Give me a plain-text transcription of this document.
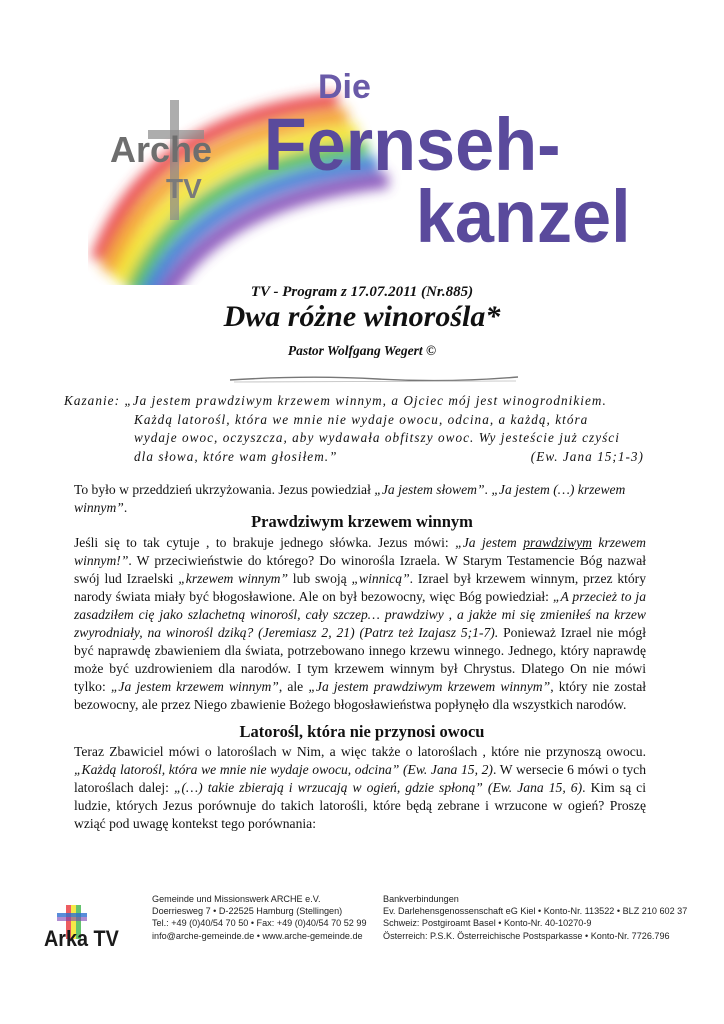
Arche
TV
Die
Fernseh-
kanzel
TV - Program z 17.07.2011 (Nr.885)
Dwa różne winorośla*
Pastor Wolfgang Wegert ©
Kazanie: „Ja jestem prawdziwym krzewem winnym, a Ojciec mój jest winogrodnikiem.
Każdą latorośl, która we mnie nie wydaje owocu, odcina, a każdą, która
wydaje owoc, oczyszcza, aby wydawała obfitszy owoc. Wy jesteście już czyści
dla słowa, które wam głosiłem.”	(Ew. Jana 15;1-3)
To było w przeddzień ukrzyżowania. Jezus powiedział „Ja jestem słowem”. „Ja jestem (…) krzewem winnym”.
Prawdziwym krzewem winnym
Jeśli się to tak cytuje , to brakuje jednego słówka. Jezus mówi: „Ja jestem prawdziwym krzewem winnym!”. W przeciwieństwie do którego? Do winorośla Izraela. W Starym Testamencie Bóg nazwał swój lud Izraelski „krzewem winnym” lub swoją „winnicą”. Izrael był krzewem winnym, przez który narody świata miały być błogosławione. Ale on był bezowocny, więc Bóg powiedział: „A przecież to ja zasadziłem cię jako szlachetną winorośl, cały szczep… prawdziwy , a jakże mi się zmieniłeś na krzew zwyrodniały, na winorośl dziką? (Jeremiasz 2, 21) (Patrz też Izajasz 5;1-7). Ponieważ Izrael nie mógł być naprawdę zbawieniem dla świata, potrzebowano innego krzewu winnego. Jednego, który naprawdę może być uzdrowieniem dla narodów. I tym krzewem winnym był Chrystus. Dlatego On nie mówi tylko: „Ja jestem krzewem winnym”, ale „Ja jestem prawdziwym krzewem winnym”, który nie został bezowocny, ale przez Niego zbawienie Bożego błogosławieństwa popłynęło dla wszystkich narodów.
Latorośl, która nie przynosi owocu
Teraz Zbawiciel mówi o latoroślach w Nim, a więc także o latoroślach , które nie przynoszą owocu. „Każdą latorośl, która we mnie nie wydaje owocu, odcina” (Ew. Jana 15, 2). W wersecie 6 mówi o tych latoroślach dalej: „(…) takie zbierają i wrzucają w ogień, gdzie spłoną” (Ew. Jana 15, 6). Kim są ci ludzie, których Jezus porównuje do takich latorośli, które będą zebrane i wrzucone w ogień? Proszę wziąć pod uwagę kontekst tego porównania:
Arka TV
Gemeinde und Missionswerk ARCHE e.V.
Doerriesweg 7 • D-22525 Hamburg (Stellingen)
Tel.: +49 (0)40/54 70 50 • Fax: +49 (0)40/54 70 52 99
info@arche-gemeinde.de • www.arche-gemeinde.de
Bankverbindungen
Ev. Darlehensgenossenschaft eG Kiel • Konto-Nr. 113522 • BLZ 210 602 37
Schweiz: Postgiroamt Basel • Konto-Nr. 40-10270-9
Österreich: P.S.K. Österreichische Postsparkasse • Konto-Nr. 7726.796
